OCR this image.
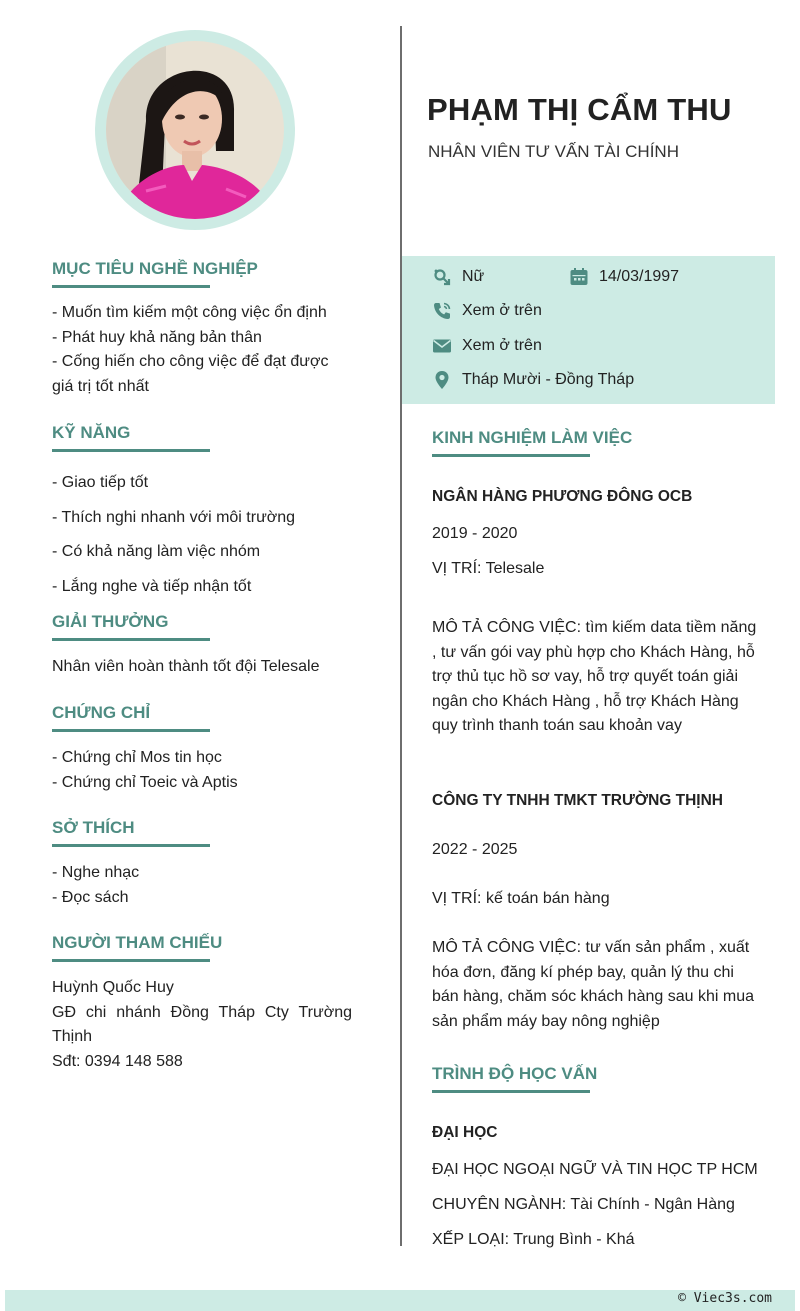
PHẠM THỊ CẨM THU
NHÂN VIÊN TƯ VẤN TÀI CHÍNH
Nữ	14/03/1997
Xem ở trên
Xem ở trên
Tháp Mười - Đồng Tháp
MỤC TIÊU NGHỀ NGHIỆP
- Muốn tìm kiếm một công việc ổn định
- Phát huy khả năng bản thân
- Cống hiến cho công việc để đạt được giá trị tốt nhất
KỸ NĂNG
- Giao tiếp tốt
- Thích nghi nhanh với môi trường
- Có khả năng làm việc nhóm
- Lắng nghe và tiếp nhận tốt
GIẢI THƯỞNG
Nhân viên hoàn thành tốt đội Telesale
CHỨNG CHỈ
- Chứng chỉ Mos tin học
- Chứng chỉ Toeic và Aptis
SỞ THÍCH
- Nghe nhạc
- Đọc sách
NGƯỜI THAM CHIẾU
Huỳnh Quốc Huy
GĐ chi nhánh Đồng Tháp Cty Trường Thịnh
Sđt: 0394 148 588
KINH NGHIỆM LÀM VIỆC
NGÂN HÀNG PHƯƠNG ĐÔNG OCB
2019 - 2020
VỊ TRÍ: Telesale
MÔ TẢ CÔNG VIỆC: tìm kiếm data tiềm năng , tư vấn gói vay phù hợp cho Khách Hàng, hỗ trợ thủ tục hồ sơ vay, hỗ trợ quyết toán giải ngân cho Khách Hàng , hỗ trợ Khách Hàng quy trình thanh toán sau khoản vay
CÔNG TY TNHH TMKT TRƯỜNG THỊNH
2022 - 2025
VỊ TRÍ: kế toán bán hàng
MÔ TẢ CÔNG VIỆC: tư vấn sản phẩm , xuất hóa đơn, đăng kí phép bay, quản lý thu chi bán hàng, chăm sóc khách hàng sau khi mua sản phẩm máy bay nông nghiệp
TRÌNH ĐỘ HỌC VẤN
ĐẠI HỌC
ĐẠI HỌC NGOẠI NGỮ VÀ TIN HỌC TP HCM
CHUYÊN NGÀNH: Tài Chính - Ngân Hàng
XẾP LOẠI: Trung Bình - Khá
© Viec3s.com
